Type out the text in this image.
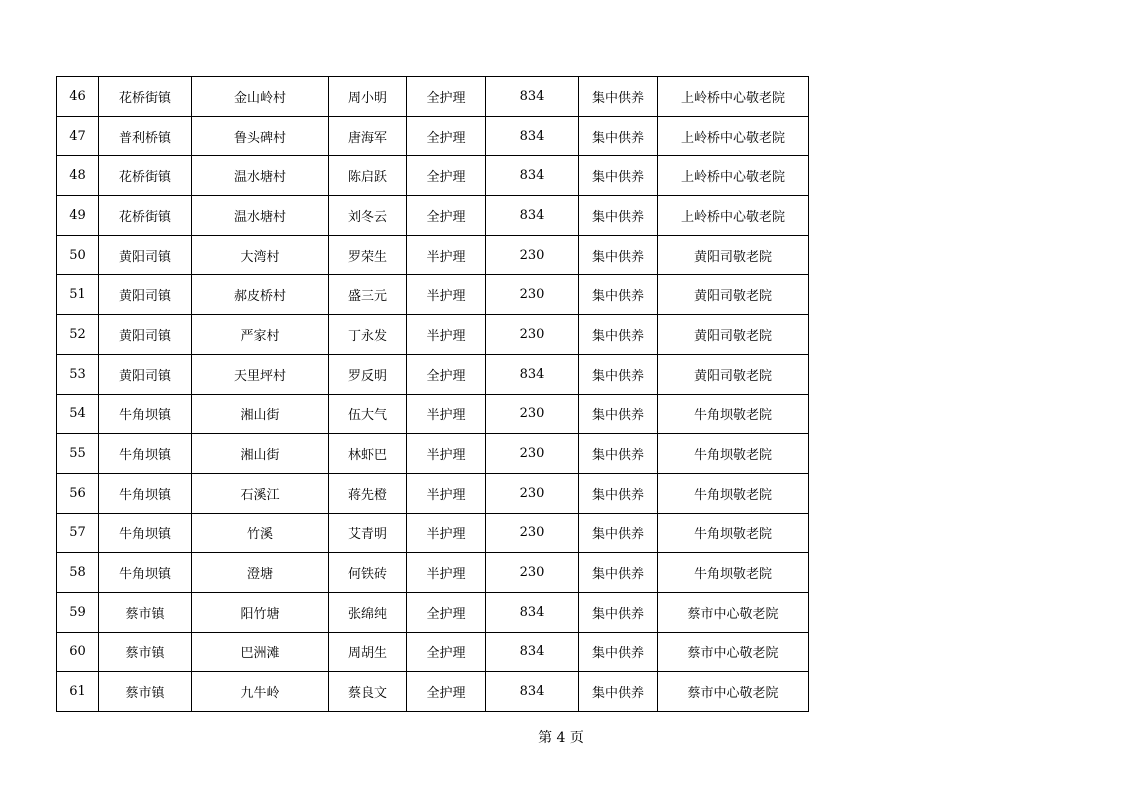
46	花桥街镇	金山岭村	周小明	全护理	834	集中供养	上岭桥中心敬老院
47	普利桥镇	鲁头碑村	唐海军	全护理	834	集中供养	上岭桥中心敬老院
48	花桥街镇	温水塘村	陈启跃	全护理	834	集中供养	上岭桥中心敬老院
49	花桥街镇	温水塘村	刘冬云	全护理	834	集中供养	上岭桥中心敬老院
50	黄阳司镇	大湾村	罗荣生	半护理	230	集中供养	黄阳司敬老院
51	黄阳司镇	郝皮桥村	盛三元	半护理	230	集中供养	黄阳司敬老院
52	黄阳司镇	严家村	丁永发	半护理	230	集中供养	黄阳司敬老院
53	黄阳司镇	天里坪村	罗反明	全护理	834	集中供养	黄阳司敬老院
54	牛角坝镇	湘山街	伍大气	半护理	230	集中供养	牛角坝敬老院
55	牛角坝镇	湘山街	林虾巴	半护理	230	集中供养	牛角坝敬老院
56	牛角坝镇	石溪江	蒋先橙	半护理	230	集中供养	牛角坝敬老院
57	牛角坝镇	竹溪	艾青明	半护理	230	集中供养	牛角坝敬老院
58	牛角坝镇	澄塘	何铁砖	半护理	230	集中供养	牛角坝敬老院
59	蔡市镇	阳竹塘	张绵纯	全护理	834	集中供养	蔡市中心敬老院
60	蔡市镇	巴洲滩	周胡生	全护理	834	集中供养	蔡市中心敬老院
61	蔡市镇	九牛岭	蔡良文	全护理	834	集中供养	蔡市中心敬老院
第 4 页
